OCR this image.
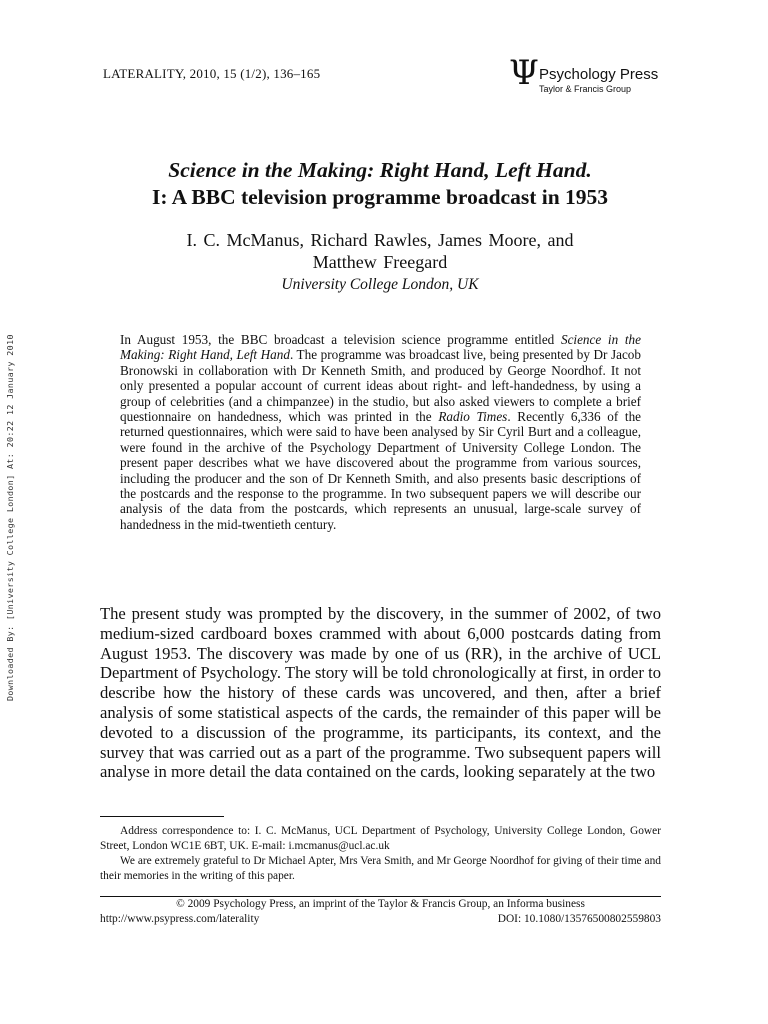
LATERALITY, 2010, 15 (1/2), 136–165	Ψ Psychology Press
Taylor & Francis Group
Downloaded By: [University College London] At: 20:22 12 January 2010
Science in the Making: Right Hand, Left Hand.
I: A BBC television programme broadcast in 1953
I. C. McManus, Richard Rawles, James Moore, and
Matthew Freegard
University College London, UK
In August 1953, the BBC broadcast a television science programme entitled Science in the Making: Right Hand, Left Hand. The programme was broadcast live, being presented by Dr Jacob Bronowski in collaboration with Dr Kenneth Smith, and produced by George Noordhof. It not only presented a popular account of current ideas about right- and left-handedness, by using a group of celebrities (and a chimpanzee) in the studio, but also asked viewers to complete a brief questionnaire on handedness, which was printed in the Radio Times. Recently 6,336 of the returned questionnaires, which were said to have been analysed by Sir Cyril Burt and a colleague, were found in the archive of the Psychology Department of University College London. The present paper describes what we have discovered about the programme from various sources, including the producer and the son of Dr Kenneth Smith, and also presents basic descriptions of the postcards and the response to the programme. In two subsequent papers we will describe our analysis of the data from the postcards, which represents an unusual, large-scale survey of handedness in the mid-twentieth century.
The present study was prompted by the discovery, in the summer of 2002, of two medium-sized cardboard boxes crammed with about 6,000 postcards dating from August 1953. The discovery was made by one of us (RR), in the archive of UCL Department of Psychology. The story will be told chronologically at first, in order to describe how the history of these cards was uncovered, and then, after a brief analysis of some statistical aspects of the cards, the remainder of this paper will be devoted to a discussion of the programme, its participants, its context, and the survey that was carried out as a part of the programme. Two subsequent papers will analyse in more detail the data contained on the cards, looking separately at the two

Address correspondence to: I. C. McManus, UCL Department of Psychology, University College London, Gower Street, London WC1E 6BT, UK. E-mail: i.mcmanus@ucl.ac.uk

We are extremely grateful to Dr Michael Apter, Mrs Vera Smith, and Mr George Noordhof for giving of their time and their memories in the writing of this paper.

© 2009 Psychology Press, an imprint of the Taylor & Francis Group, an Informa business
http://www.psypress.com/laterality	DOI: 10.1080/13576500802559803
